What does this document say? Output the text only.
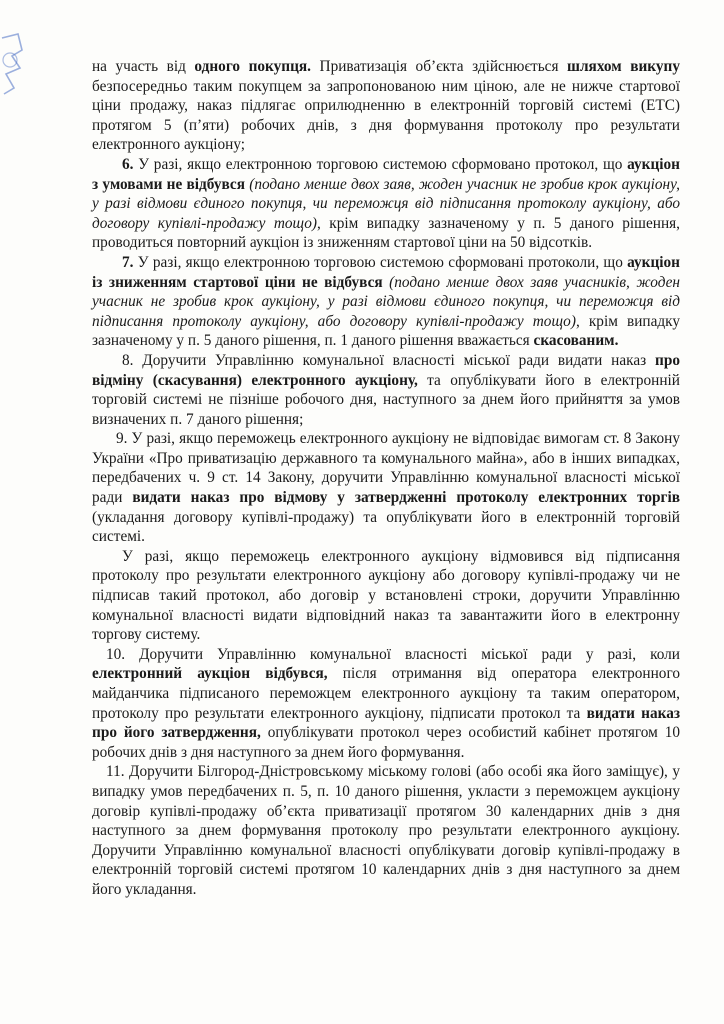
на участь від одного покупця. Приватизація об’єкта здійснюється шляхом викупу безпосередньо таким покупцем за запропонованою ним ціною, але не нижче стартової ціни продажу, наказ підлягає оприлюдненню в електронній торговій системі (ЕТС) протягом 5 (п’яти) робочих днів, з дня формування протоколу про результати електронного аукціону;

6. У разі, якщо електронною торговою системою сформовано протокол, що аукціон з умовами не відбувся (подано менше двох заяв, жоден учасник не зробив крок аукціону, у разі відмови єдиного покупця, чи переможця від підписання протоколу аукціону, або договору купівлі-продажу тощо), крім випадку зазначеному у п. 5 даного рішення, проводиться повторний аукціон із зниженням стартової ціни на 50 відсотків.

7. У разі, якщо електронною торговою системою сформовані протоколи, що аукціон із зниженням стартової ціни не відбувся (подано менше двох заяв учасників, жоден учасник не зробив крок аукціону, у разі відмови єдиного покупця, чи переможця від підписання протоколу аукціону, або договору купівлі-продажу тощо), крім випадку зазначеному у п. 5 даного рішення, п. 1 даного рішення вважається скасованим.

8. Доручити Управлінню комунальної власності міської ради видати наказ про відміну (скасування) електронного аукціону, та опублікувати його в електронній торговій системі не пізніше робочого дня, наступного за днем його прийняття за умов визначених п. 7 даного рішення;

9. У разі, якщо переможець електронного аукціону не відповідає вимогам ст. 8 Закону України «Про приватизацію державного та комунального майна», або в інших випадках, передбачених ч. 9 ст. 14 Закону, доручити Управлінню комунальної власності міської ради видати наказ про відмову у затвердженні протоколу електронних торгів (укладання договору купівлі-продажу) та опублікувати його в електронній торговій системі.

У разі, якщо переможець електронного аукціону відмовився від підписання протоколу про результати електронного аукціону або договору купівлі-продажу чи не підписав такий протокол, або договір у встановлені строки, доручити Управлінню комунальної власності видати відповідний наказ та завантажити його в електронну торгову систему.

10. Доручити Управлінню комунальної власності міської ради у разі, коли електронний аукціон відбувся, після отримання від оператора електронного майданчика підписаного переможцем електронного аукціону та таким оператором, протоколу про результати електронного аукціону, підписати протокол та видати наказ про його затвердження, опублікувати протокол через особистий кабінет протягом 10 робочих днів з дня наступного за днем його формування.

11. Доручити Білгород-Дністровському міському голові (або особі яка його заміщує), у випадку умов передбачених п. 5, п. 10 даного рішення, укласти з переможцем аукціону договір купівлі-продажу об’єкта приватизації протягом 30 календарних днів з дня наступного за днем формування протоколу про результати електронного аукціону. Доручити Управлінню комунальної власності опублікувати договір купівлі-продажу в електронній торговій системі протягом 10 календарних днів з дня наступного за днем його укладання.
